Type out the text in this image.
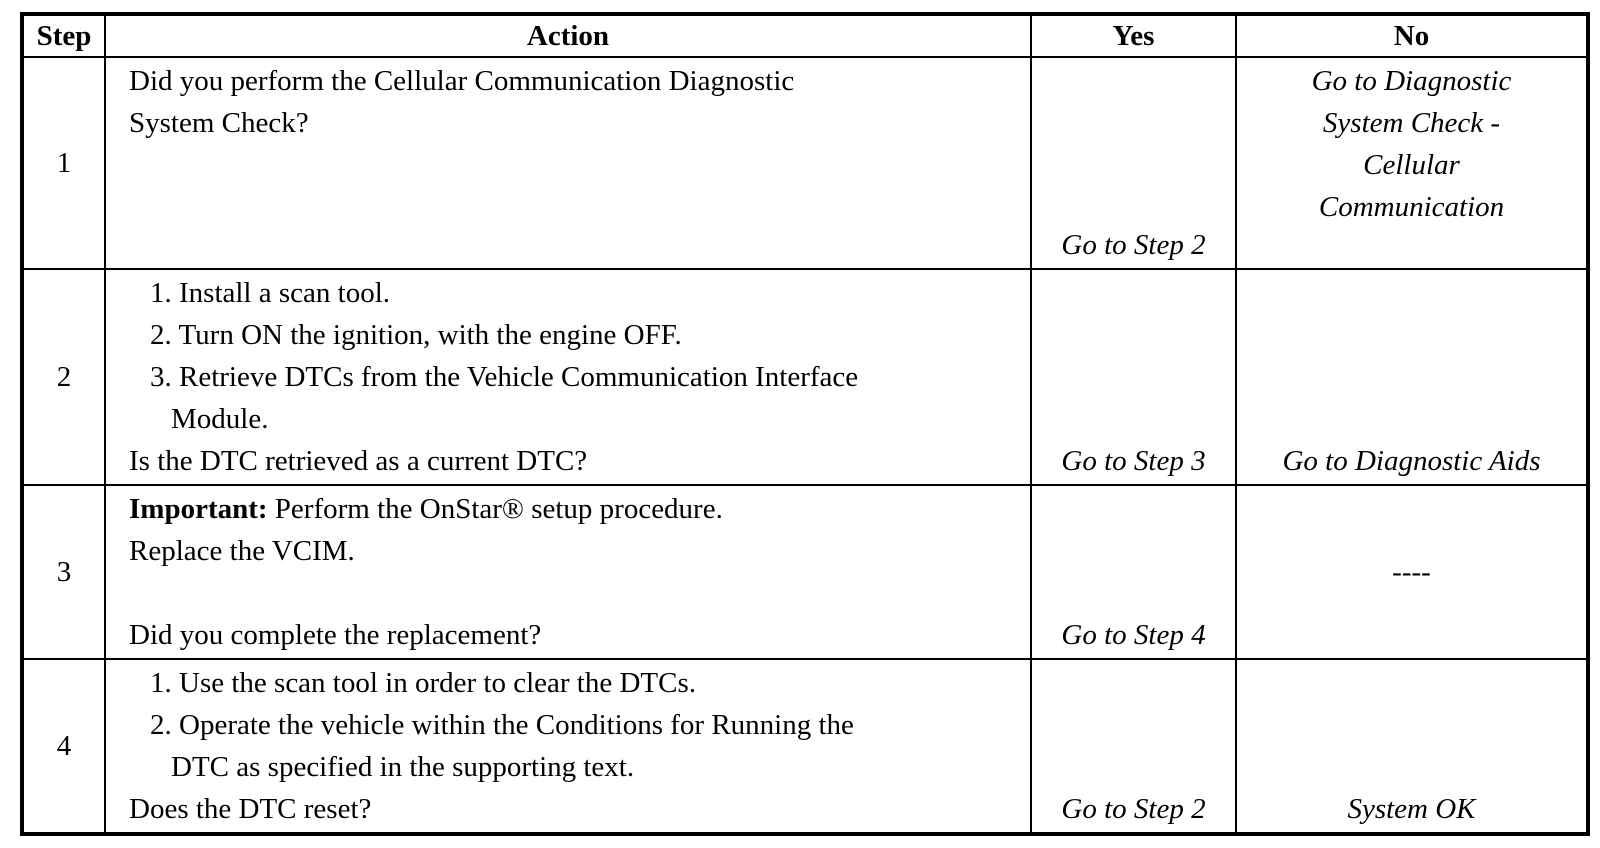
Step	Action	Yes	No
1	Did you perform the Cellular Communication Diagnostic
System Check?	Go to Step 2	Go to Diagnostic
System Check -
Cellular
Communication

2	1. Install a scan tool.
2. Turn ON the ignition, with the engine OFF.
3. Retrieve DTCs from the Vehicle Communication Interface
Module.
Is the DTC retrieved as a current DTC?	Go to Step 3	Go to Diagnostic Aids
3	Important: Perform the OnStar® setup procedure.
Replace the VCIM.
Did you complete the replacement?	Go to Step 4	----
4	1. Use the scan tool in order to clear the DTCs.
2. Operate the vehicle within the Conditions for Running the
DTC as specified in the supporting text.
Does the DTC reset?	Go to Step 2	System OK
